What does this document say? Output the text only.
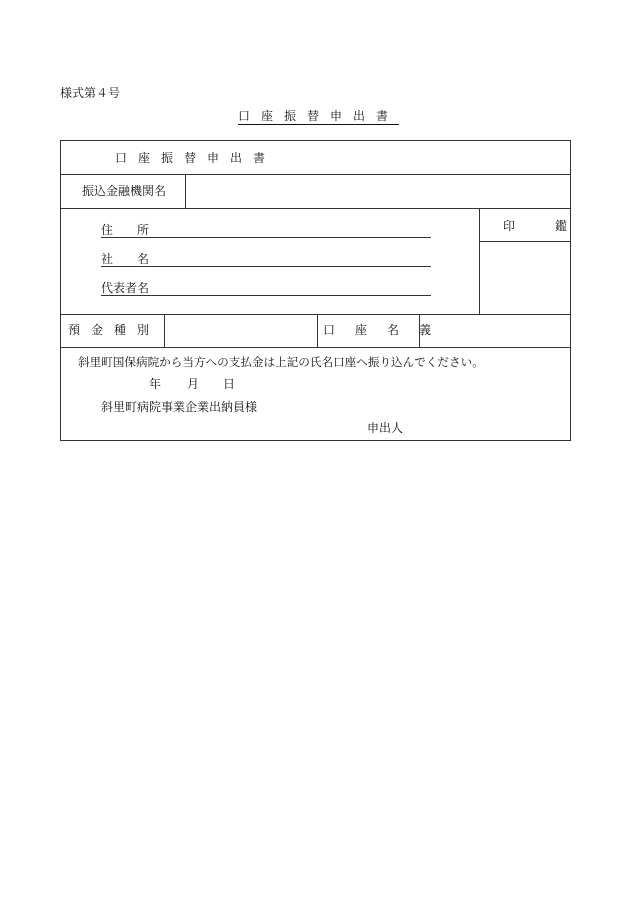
様式第４号
口座振替申出書
口座振替申出書
振込金融機関名
住　所
社　名
代表者名
印　鑑
預金種別	口座名義
斜里町国保病院から当方への支払金は上記の氏名口座へ振り込んでください。
年 月 日
斜里町病院事業企業出納員様
申出人
